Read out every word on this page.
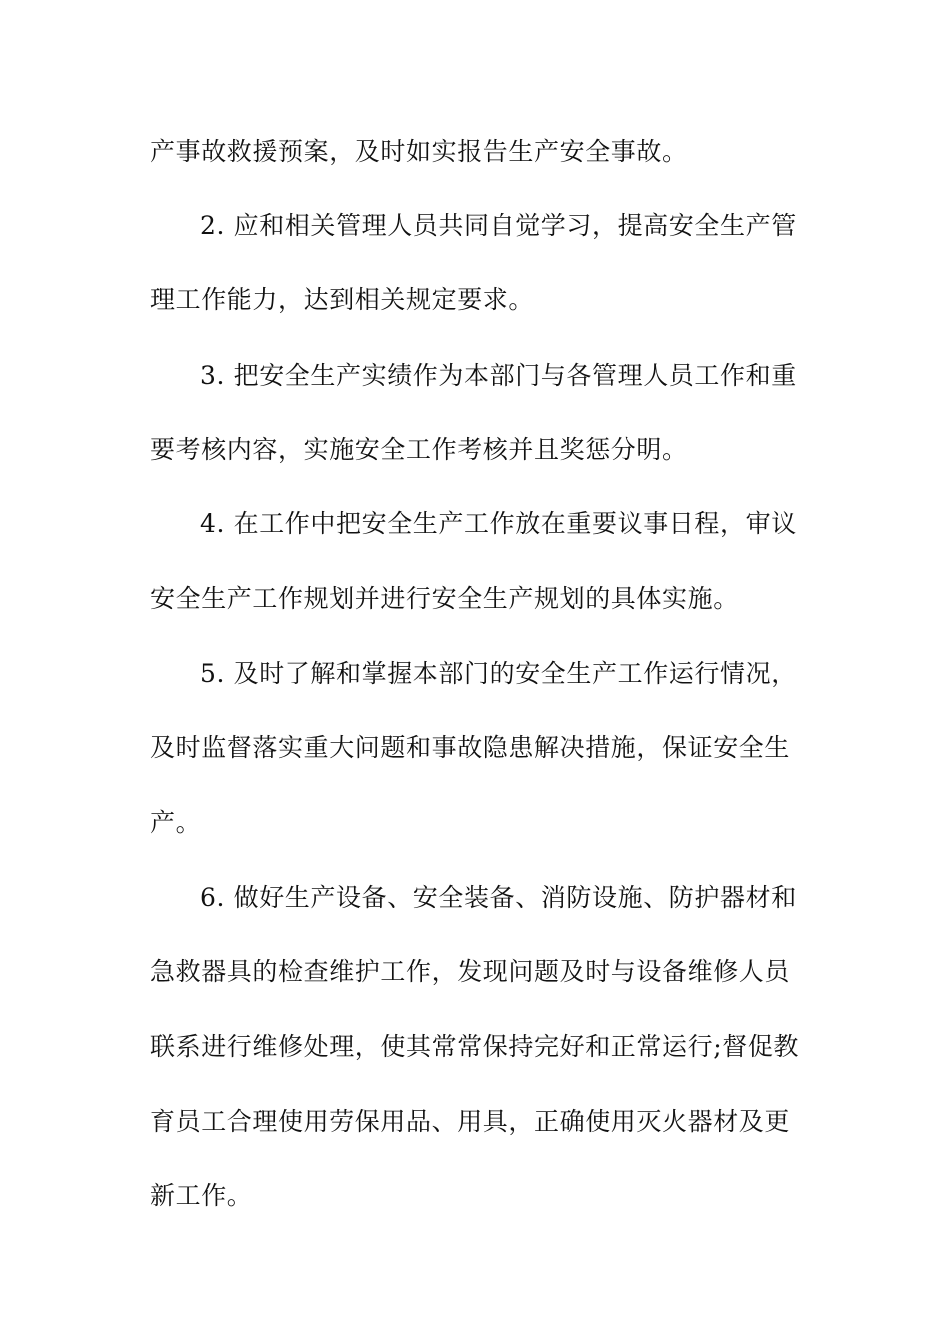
产事故救援预案，及时如实报告生产安全事故。
2. 应和相关管理人员共同自觉学习，提高安全生产管
理工作能力，达到相关规定要求。
3. 把安全生产实绩作为本部门与各管理人员工作和重
要考核内容，实施安全工作考核并且奖惩分明。
4. 在工作中把安全生产工作放在重要议事日程，审议
安全生产工作规划并进行安全生产规划的具体实施。
5. 及时了解和掌握本部门的安全生产工作运行情况，
及时监督落实重大问题和事故隐患解决措施，保证安全生
产。
6. 做好生产设备、安全装备、消防设施、防护器材和
急救器具的检查维护工作，发现问题及时与设备维修人员
联系进行维修处理，使其常常保持完好和正常运行;督促教
育员工合理使用劳保用品、用具，正确使用灭火器材及更
新工作。
